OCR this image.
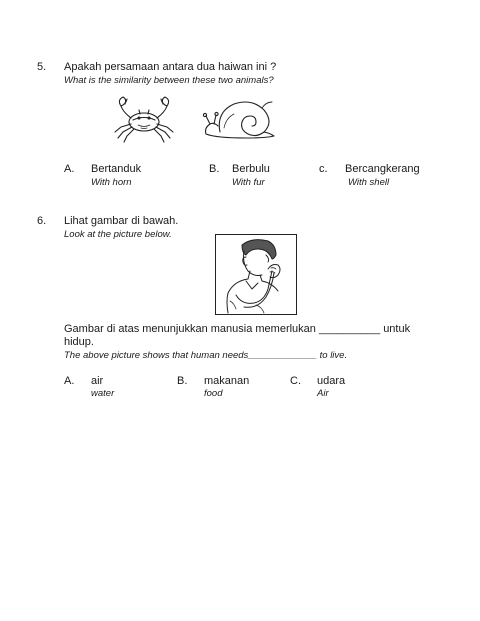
5. Apakah persamaan antara dua haiwan ini ?
What is the similarity between these two animals?
A. Bertanduk
With horn
B. Berbulu
With fur
c. Bercangkerang
With shell
6. Lihat gambar di bawah.
Look at the picture below.
Gambar di atas menunjukkan manusia memerlukan __________ untuk
hidup.
The above picture shows that human needs_____________ to live.
A. air
water
B. makanan
food
C. udara
Air
